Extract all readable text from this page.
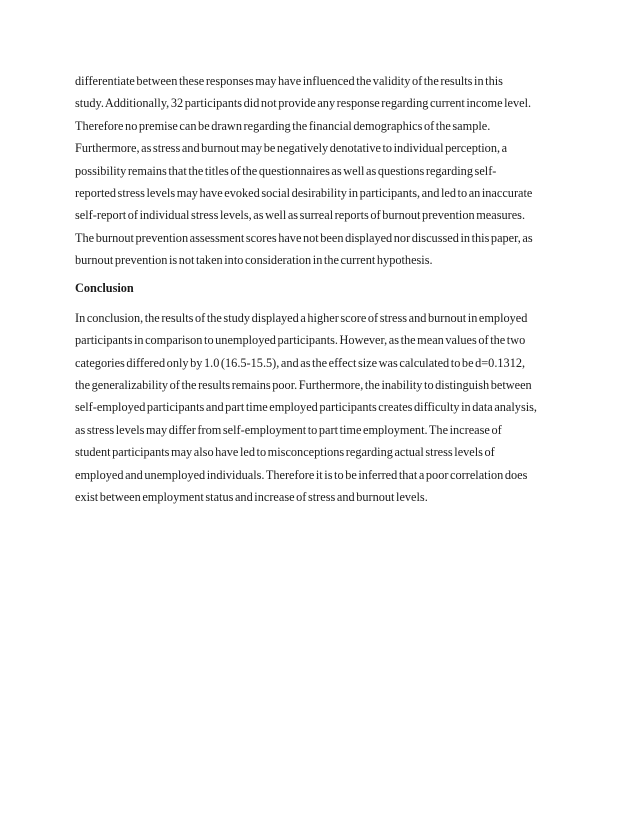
differentiate between these responses may have influenced the validity of the results in this
study. Additionally, 32 participants did not provide any response regarding current income level.
Therefore no premise can be drawn regarding the financial demographics of the sample.
Furthermore, as stress and burnout may be negatively denotative to individual perception, a
possibility remains that the titles of the questionnaires as well as questions regarding self-
reported stress levels may have evoked social desirability in participants, and led to an inaccurate
self-report of individual stress levels, as well as surreal reports of burnout prevention measures.
The burnout prevention assessment scores have not been displayed nor discussed in this paper, as
burnout prevention is not taken into consideration in the current hypothesis.
Conclusion
In conclusion, the results of the study displayed a higher score of stress and burnout in employed
participants in comparison to unemployed participants. However, as the mean values of the two
categories differed only by 1.0 (16.5-15.5), and as the effect size was calculated to be d=0.1312,
the generalizability of the results remains poor. Furthermore, the inability to distinguish between
self-employed participants and part time employed participants creates difficulty in data analysis,
as stress levels may differ from self-employment to part time employment. The increase of
student participants may also have led to misconceptions regarding actual stress levels of
employed and unemployed individuals. Therefore it is to be inferred that a poor correlation does
exist between employment status and increase of stress and burnout levels.
